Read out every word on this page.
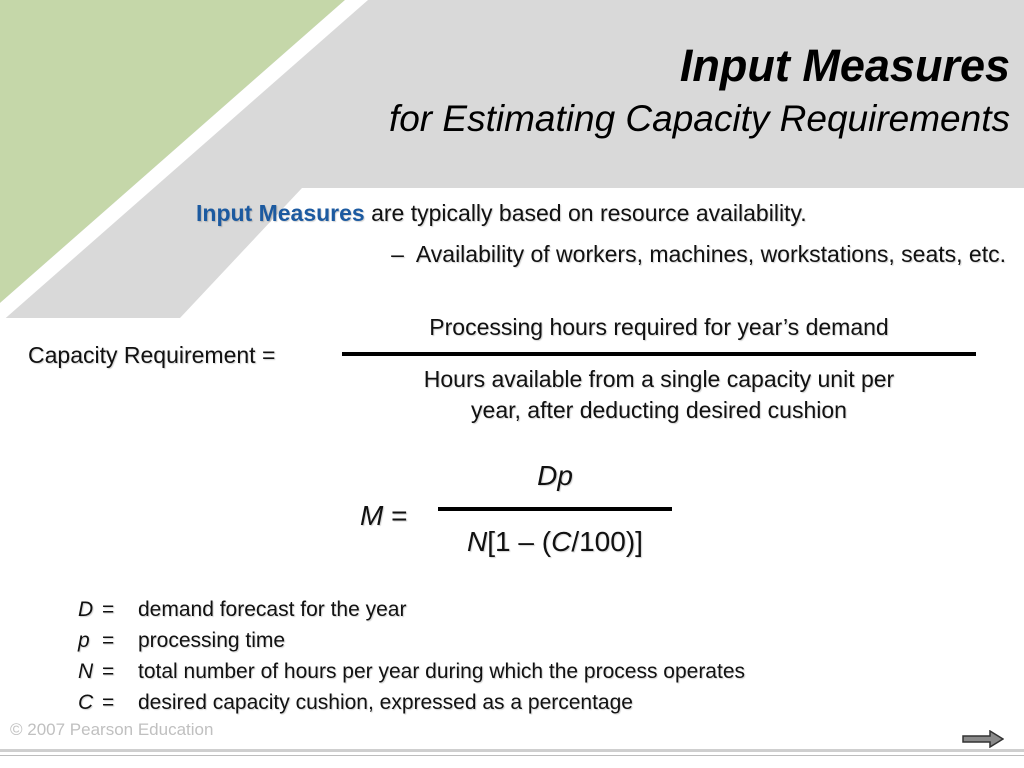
Input Measures
for Estimating Capacity Requirements
Input Measures are typically based on resource availability.
– Availability of workers, machines, workstations, seats, etc.
Capacity Requirement =
Processing hours required for year’s demand
Hours available from a single capacity unit per
year, after deducting desired cushion
M =
Dp
N[1 – (C/100)]
D = demand forecast for the year
p = processing time
N = total number of hours per year during which the process operates
C = desired capacity cushion, expressed as a percentage
© 2007 Pearson Education
